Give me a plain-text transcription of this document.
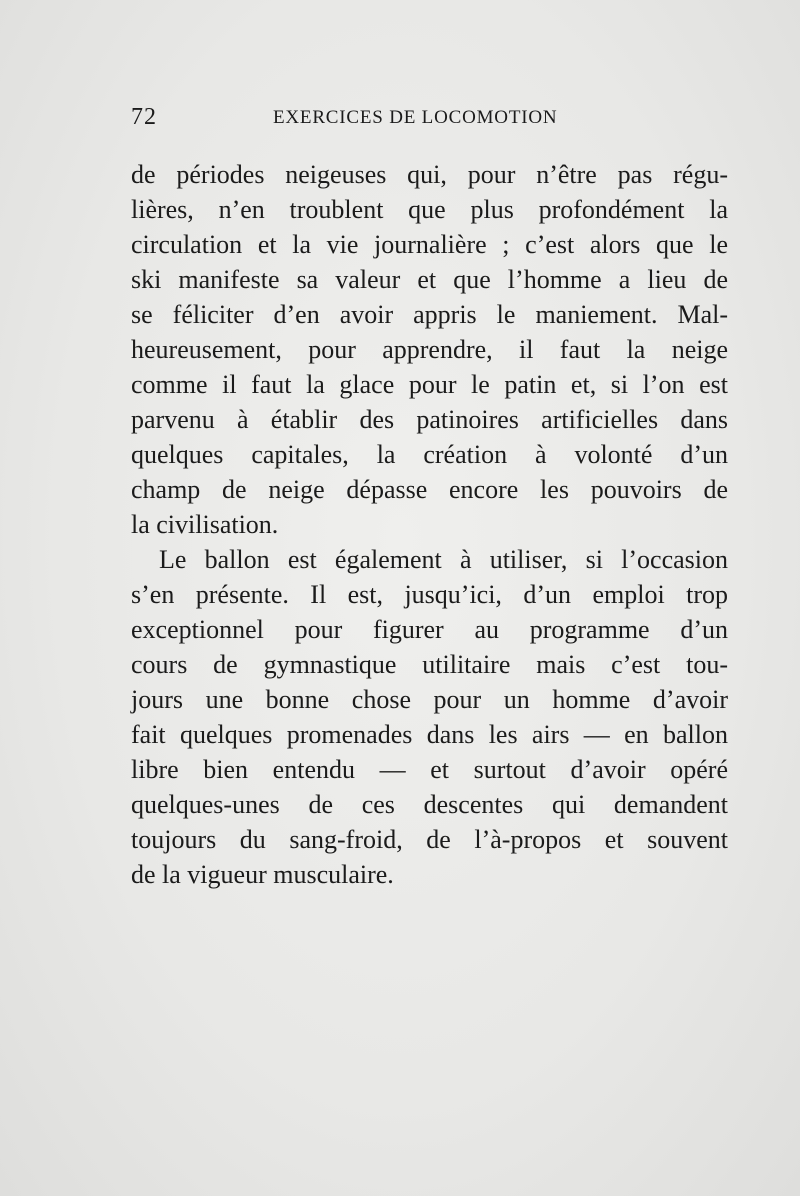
72	EXERCICES DE LOCOMOTION

de périodes neigeuses qui, pour n’être pas régu-
lières, n’en troublent que plus profondément la
circulation et la vie journalière ; c’est alors que le
ski manifeste sa valeur et que l’homme a lieu de
se féliciter d’en avoir appris le maniement. Mal-
heureusement, pour apprendre, il faut la neige
comme il faut la glace pour le patin et, si l’on est
parvenu à établir des patinoires artificielles dans
quelques capitales, la création à volonté d’un
champ de neige dépasse encore les pouvoirs de
la civilisation.

Le ballon est également à utiliser, si l’occasion
s’en présente. Il est, jusqu’ici, d’un emploi trop
exceptionnel pour figurer au programme d’un
cours de gymnastique utilitaire mais c’est tou-
jours une bonne chose pour un homme d’avoir
fait quelques promenades dans les airs — en ballon
libre bien entendu — et surtout d’avoir opéré
quelques-unes de ces descentes qui demandent
toujours du sang-froid, de l’à-propos et souvent
de la vigueur musculaire.
